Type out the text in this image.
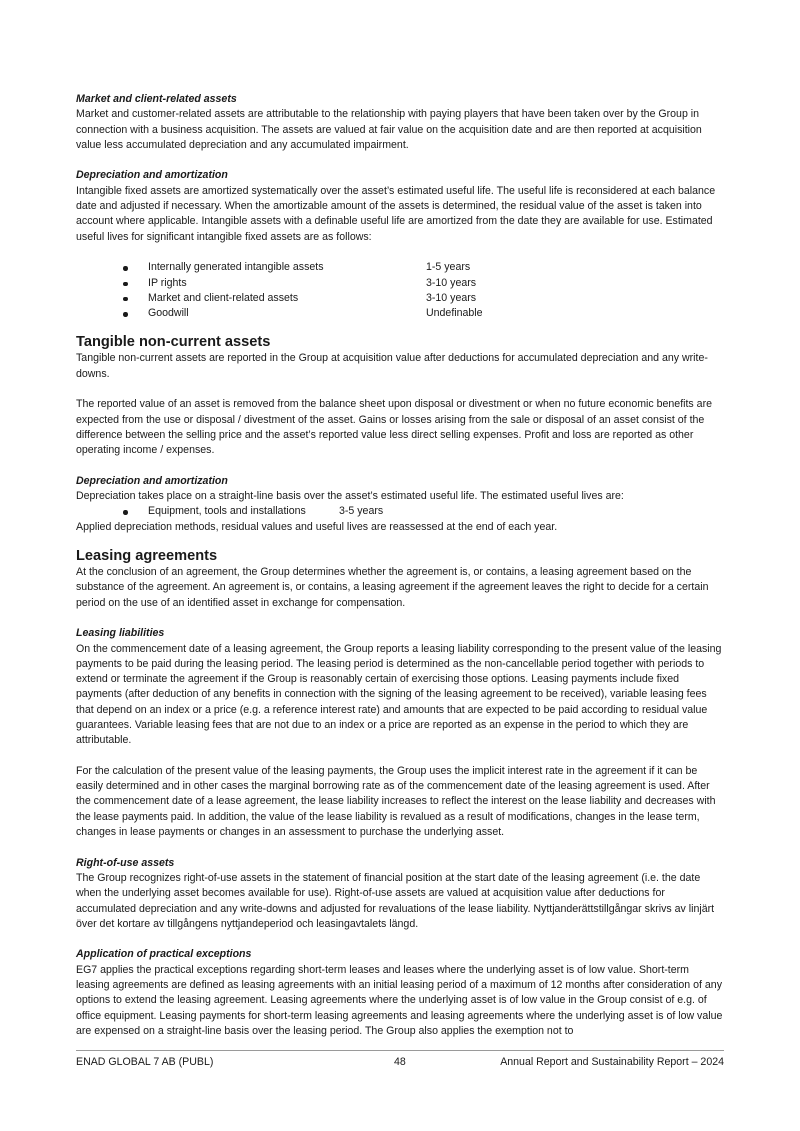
Market and client-related assets

Market and customer-related assets are attributable to the relationship with paying players that have been taken over by the Group in connection with a business acquisition. The assets are valued at fair value on the acquisition date and are then reported at acquisition value less accumulated depreciation and any accumulated impairment.

Depreciation and amortization

Intangible fixed assets are amortized systematically over the asset’s estimated useful life. The useful life is reconsidered at each balance date and adjusted if necessary. When the amortizable amount of the assets is determined, the residual value of the asset is taken into account where applicable. Intangible assets with a definable useful life are amortized from the date they are available for use. Estimated useful lives for significant intangible fixed assets are as follows:

Internally generated intangible assets	1-5 years
IP rights	3-10 years
Market and client-related assets	3-10 years
Goodwill	Undefinable
Tangible non-current assets

Tangible non-current assets are reported in the Group at acquisition value after deductions for accumulated depreciation and any write-downs.

The reported value of an asset is removed from the balance sheet upon disposal or divestment or when no future economic benefits are expected from the use or disposal / divestment of the asset. Gains or losses arising from the sale or disposal of an asset consist of the difference between the selling price and the asset’s reported value less direct selling expenses. Profit and loss are reported as other operating income / expenses.

Depreciation and amortization

Depreciation takes place on a straight-line basis over the asset’s estimated useful life. The estimated useful lives are:

Equipment, tools and installations	3-5 years

Applied depreciation methods, residual values and useful lives are reassessed at the end of each year.

Leasing agreements

At the conclusion of an agreement, the Group determines whether the agreement is, or contains, a leasing agreement based on the substance of the agreement. An agreement is, or contains, a leasing agreement if the agreement leaves the right to decide for a certain period on the use of an identified asset in exchange for compensation.

Leasing liabilities

On the commencement date of a leasing agreement, the Group reports a leasing liability corresponding to the present value of the leasing payments to be paid during the leasing period. The leasing period is determined as the non-cancellable period together with periods to extend or terminate the agreement if the Group is reasonably certain of exercising those options. Leasing payments include fixed payments (after deduction of any benefits in connection with the signing of the leasing agreement to be received), variable leasing fees that depend on an index or a price (e.g. a reference interest rate) and amounts that are expected to be paid according to residual value guarantees. Variable leasing fees that are not due to an index or a price are reported as an expense in the period to which they are attributable.

For the calculation of the present value of the leasing payments, the Group uses the implicit interest rate in the agreement if it can be easily determined and in other cases the marginal borrowing rate as of the commencement date of the leasing agreement is used. After the commencement date of a lease agreement, the lease liability increases to reflect the interest on the lease liability and decreases with the lease payments paid. In addition, the value of the lease liability is revalued as a result of modifications, changes in the lease term, changes in lease payments or changes in an assessment to purchase the underlying asset.

Right-of-use assets

The Group recognizes right-of-use assets in the statement of financial position at the start date of the leasing agreement (i.e. the date when the underlying asset becomes available for use). Right-of-use assets are valued at acquisition value after deductions for accumulated depreciation and any write-downs and adjusted for revaluations of the lease liability. Nyttjanderättstillgångar skrivs av linjärt över det kortare av tillgångens nyttjandeperiod och leasingavtalets längd.

Application of practical exceptions

EG7 applies the practical exceptions regarding short-term leases and leases where the underlying asset is of low value. Short-term leasing agreements are defined as leasing agreements with an initial leasing period of a maximum of 12 months after consideration of any options to extend the leasing agreement. Leasing agreements where the underlying asset is of low value in the Group consist of e.g. of office equipment. Leasing payments for short-term leasing agreements and leasing agreements where the underlying asset is of low value are expensed on a straight-line basis over the leasing period. The Group also applies the exemption not to

ENAD GLOBAL 7 AB (PUBL)	48	Annual Report and Sustainability Report – 2024
